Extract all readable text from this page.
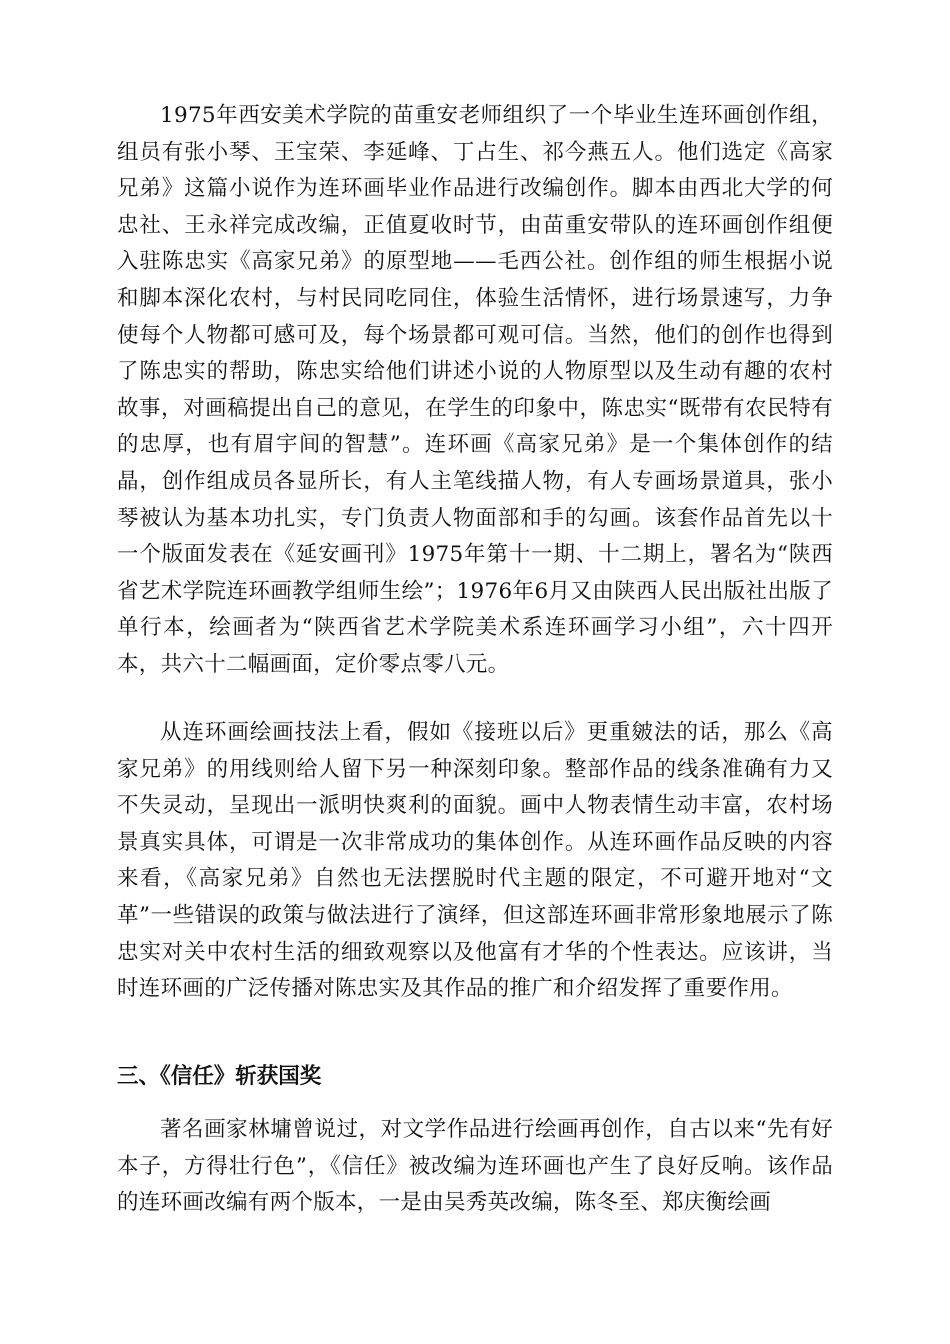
1975年西安美术学院的苗重安老师组织了一个毕业生连环画创作组，组员有张小琴、王宝荣、李延峰、丁占生、祁今燕五人。他们选定《高家兄弟》这篇小说作为连环画毕业作品进行改编创作。脚本由西北大学的何忠社、王永祥完成改编，正值夏收时节，由苗重安带队的连环画创作组便入驻陈忠实《高家兄弟》的原型地——毛西公社。创作组的师生根据小说和脚本深化农村，与村民同吃同住，体验生活情怀，进行场景速写，力争使每个人物都可感可及，每个场景都可观可信。当然，他们的创作也得到了陈忠实的帮助，陈忠实给他们讲述小说的人物原型以及生动有趣的农村故事，对画稿提出自己的意见，在学生的印象中，陈忠实“既带有农民特有的忠厚，也有眉宇间的智慧”。连环画《高家兄弟》是一个集体创作的结晶，创作组成员各显所长，有人主笔线描人物，有人专画场景道具，张小琴被认为基本功扎实，专门负责人物面部和手的勾画。该套作品首先以十一个版面发表在《延安画刊》1975年第十一期、十二期上，署名为“陕西省艺术学院连环画教学组师生绘”；1976年6月又由陕西人民出版社出版了单行本，绘画者为“陕西省艺术学院美术系连环画学习小组”，六十四开本，共六十二幅画面，定价零点零八元。

从连环画绘画技法上看，假如《接班以后》更重皴法的话，那么《高家兄弟》的用线则给人留下另一种深刻印象。整部作品的线条准确有力又不失灵动，呈现出一派明快爽利的面貌。画中人物表情生动丰富，农村场景真实具体，可谓是一次非常成功的集体创作。从连环画作品反映的内容来看，《高家兄弟》自然也无法摆脱时代主题的限定，不可避开地对“文革”一些错误的政策与做法进行了演绎，但这部连环画非常形象地展示了陈忠实对关中农村生活的细致观察以及他富有才华的个性表达。应该讲，当时连环画的广泛传播对陈忠实及其作品的推广和介绍发挥了重要作用。

三、《信任》斩获国奖

著名画家林墉曾说过，对文学作品进行绘画再创作，自古以来“先有好本子，方得壮行色”，《信任》被改编为连环画也产生了良好反响。该作品的连环画改编有两个版本，一是由吴秀英改编，陈冬至、郑庆衡绘画
